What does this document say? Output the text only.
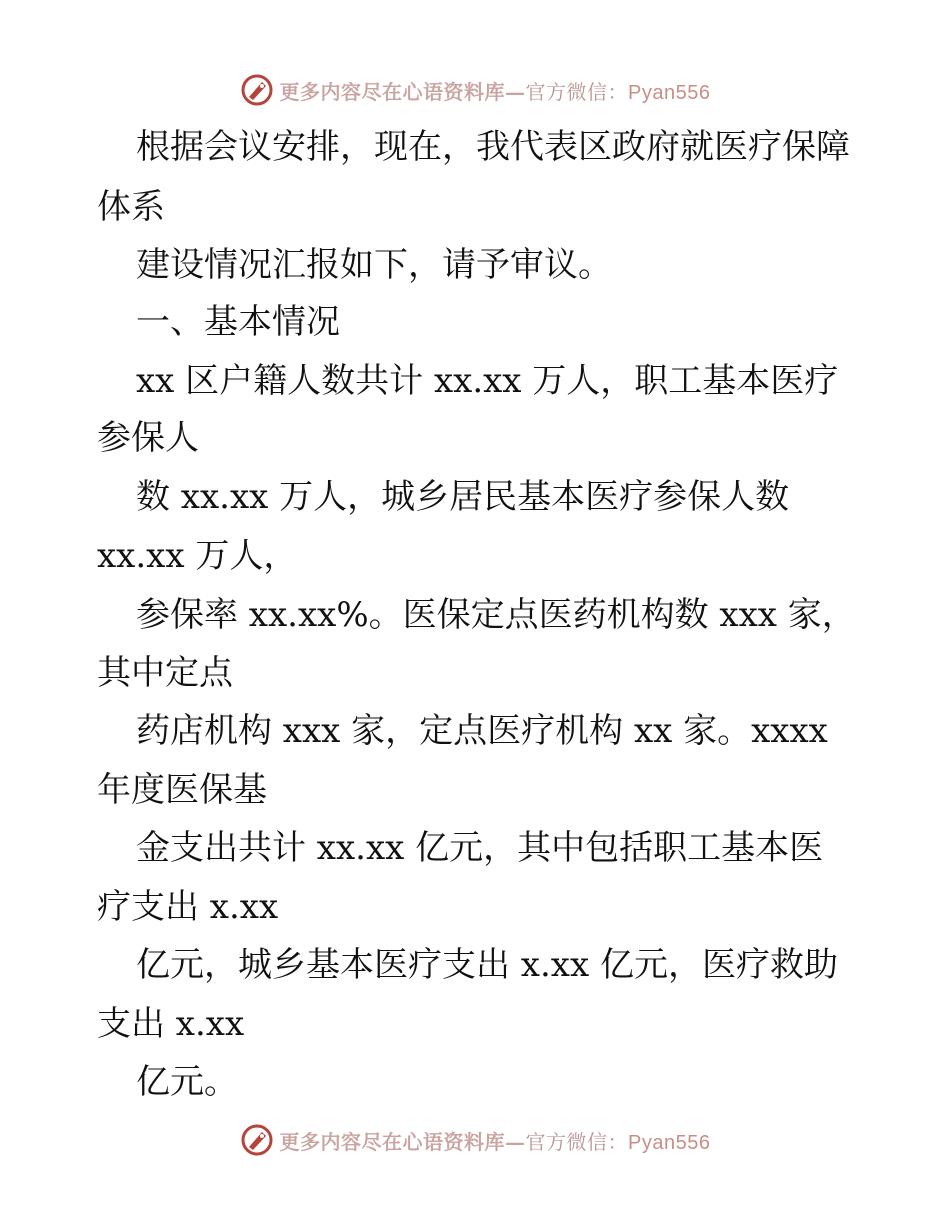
更多内容尽在心语资料库—官方微信：Pyan556
根据会议安排，现在，我代表区政府就医疗保障
体系
建设情况汇报如下，请予审议。
一、基本情况
xx 区户籍人数共计 xx.xx 万人，职工基本医疗
参保人
数 xx.xx 万人，城乡居民基本医疗参保人数
xx.xx 万人，
参保率 xx.xx%。医保定点医药机构数 xxx 家，
其中定点
药店机构 xxx 家，定点医疗机构 xx 家。xxxx
年度医保基
金支出共计 xx.xx 亿元，其中包括职工基本医
疗支出 x.xx
亿元，城乡基本医疗支出 x.xx 亿元，医疗救助
支出 x.xx
亿元。
更多内容尽在心语资料库—官方微信：Pyan556
